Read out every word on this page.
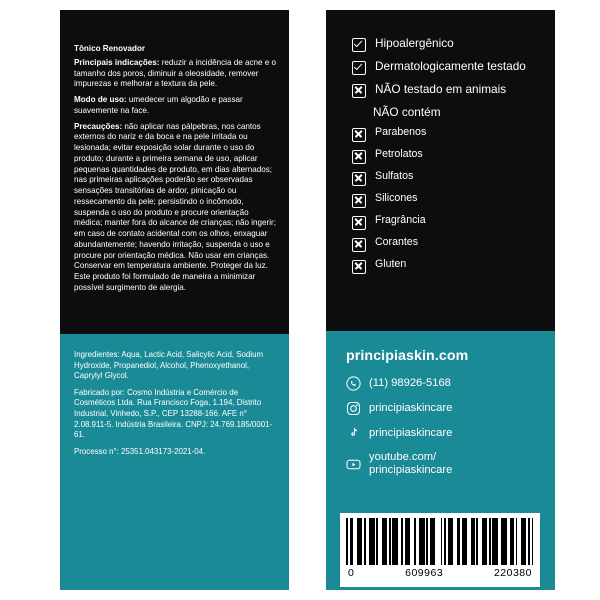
Tônico Renovador

Principais indicações: reduzir a incidência de acne e o tamanho dos poros, diminuir a oleosidade, remover impurezas e melhorar a textura da pele.

Modo de uso: umedecer um algodão e passar suavemente na face.

Precauções: não aplicar nas pálpebras, nos cantos externos do nariz e da boca e na pele irritada ou lesionada; evitar exposição solar durante o uso do produto; durante a primeira semana de uso, aplicar pequenas quantidades de produto, em dias alternados; nas primeiras aplicações poderão ser observadas sensações transitórias de ardor, pinicação ou ressecamento da pele; persistindo o incômodo, suspenda o uso do produto e procure orientação médica; manter fora do alcance de crianças; não ingerir; em caso de contato acidental com os olhos, enxaguar abundantemente; havendo irritação, suspenda o uso e procure por orientação médica. Não usar em crianças. Conservar em temperatura ambiente. Proteger da luz. Este produto foi formulado de maneira a minimizar possível surgimento de alergia.

Ingredientes: Aqua, Lactic Acid, Salicylic Acid, Sodium Hydroxide, Propanediol, Alcohol, Phenoxyethanol, Caprylyl Glycol.

Fabricado por: Cosmo Indústria e Comércio de Cosméticos Ltda. Rua Francisco Foga, 1.194, Distrito Industrial, Vinhedo, S.P., CEP 13288-166. AFE n° 2.08.911-5. Indústria Brasileira. CNPJ: 24.769.185/0001-61.

Processo n°: 25351.043173-2021-04.

Hipoalergênico
Dermatologicamente testado
NÃO testado em animais
NÃO contém
Parabenos
Petrolatos
Sulfatos
Silicones
Fragrância
Corantes
Gluten
principiaskin.com
(11) 98926-5168
principiaskincare
principiaskincare
youtube.com/
principiaskincare
0	609963	220380
